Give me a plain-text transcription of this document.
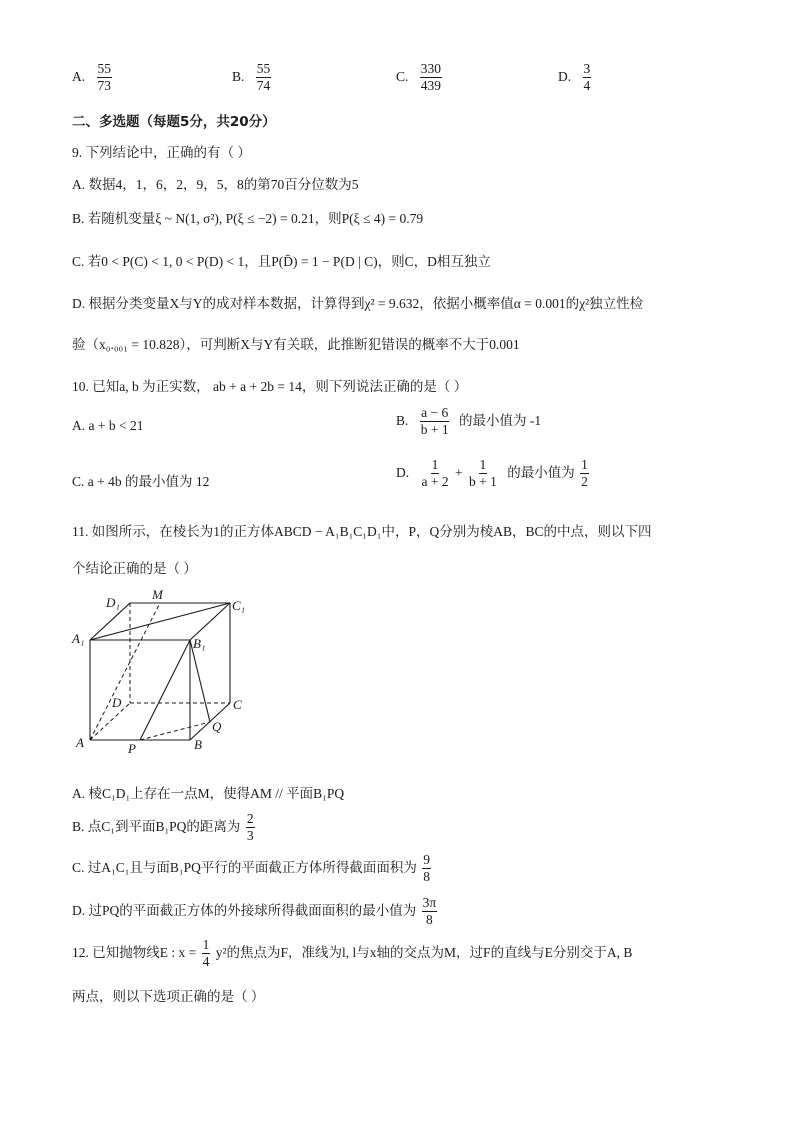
A. $\frac{55}{73}$	B. $\frac{55}{74}$	C. $\frac{330}{439}$	D. $\frac{3}{4}$
二、多选题（每题5分，共20分）
9. 下列结论中，正确的有（ ）
A. 数据4，1，6，2，9，5，8的第70百分位数为5
B. 若随机变量ξ ~ N(1, σ²), P(ξ ≤ −2) = 0.21，则P(ξ ≤ 4) = 0.79
C. 若0 < P(C) < 1, 0 < P(D) < 1，且P(D̄) = 1 − P(D | C)，则C，D相互独立
D. 根据分类变量X与Y的成对样本数据，计算得到χ² = 9.632，依据小概率值α = 0.001的χ²独立性检
验（x₀.₀₀₁ = 10.828），可判断X与Y有关联，此推断犯错误的概率不大于0.001
10. 已知a, b 为正实数， ab + a + 2b = 14，则下列说法正确的是（ ）
A. a + b < 21	B. $\frac{a - 6}{b + 1}$ 的最小值为 -1
C. a + 4b 的最小值为 12
D. $\frac{1}{a + 2} + \frac{1}{b + 1}$ 的最小值为 $\frac{1}{2}$
11. 如图所示，在棱长为1的正方体ABCD − A₁B₁C₁D₁中，P，Q分别为棱AB，BC的中点，则以下四
个结论正确的是（ ）
D₁
M
C₁
A₁	B₁
D	C
Q
A	P	B
A. 棱C₁D₁上存在一点M，使得AM // 平面B₁PQ
B. 点C₁到平面B₁PQ的距离为 $\frac{2}{3}$
C. 过A₁C₁且与面B₁PQ平行的平面截正方体所得截面面积为 $\frac{9}{8}$
D. 过PQ的平面截正方体的外接球所得截面面积的最小值为 $\frac{3\pi}{8}$
12. 已知抛物线E : $x = \frac{1}{4} y^2$的焦点为F，准线为l, l与x轴的交点为M，过F的直线与E分别交于A, B
两点，则以下选项正确的是（ ）
